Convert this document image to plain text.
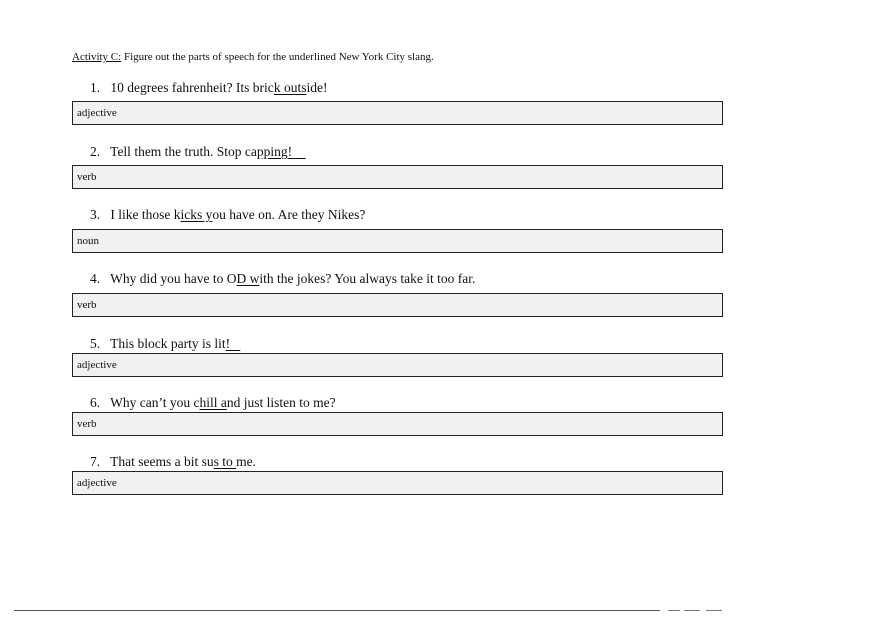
Activity C: Figure out the parts of speech for the underlined New York City slang.
1. 10 degrees fahrenheit? Its brick outside!
adjective
2. Tell them the truth. Stop capping!
verb
3. I like those kicks you have on. Are they Nikes?
noun
4. Why did you have to OD with the jokes? You always take it too far.
verb
5. This block party is lit!
adjective
6. Why can’t you chill and just listen to me?
verb
7. That seems a bit sus to me.
adjective
